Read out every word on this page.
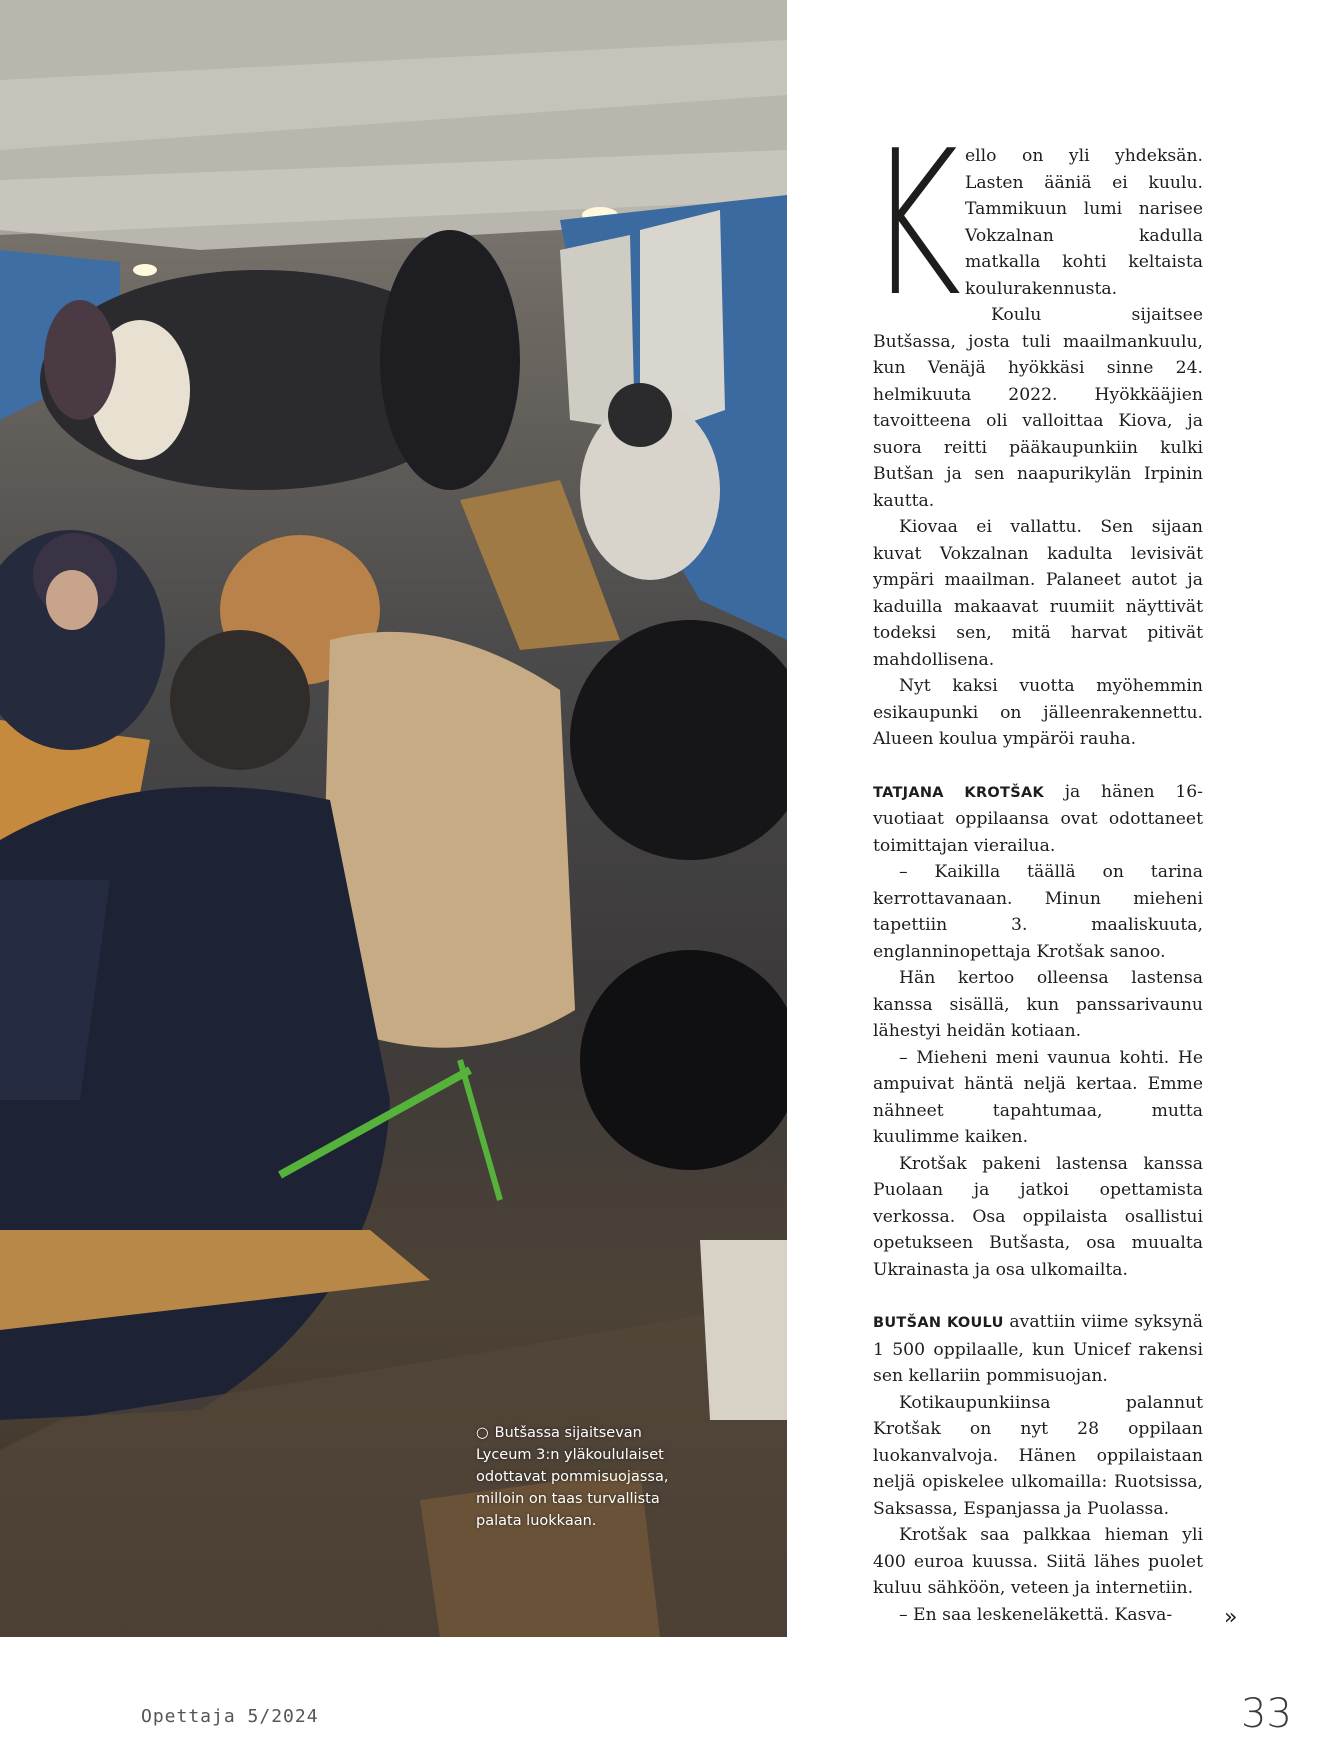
○ Butšassa sijaitsevan Lyceum 3:n yläkoululaiset odottavat pommisuojassa, milloin on taas turvallista palata luokkaan.

Kello on yli yhdeksän. Lasten ääniä ei kuulu. Tammikuun lumi narisee Vokzalnan kadulla matkalla kohti keltaista koulurakennusta.

Koulu sijaitsee Butšassa, josta tuli maailmankuulu, kun Venäjä hyökkäsi sinne 24. helmikuuta 2022. Hyökkääjien tavoitteena oli valloittaa Kiova, ja suora reitti pääkaupunkiin kulki Butšan ja sen naapurikylän Irpinin kautta.

Kiovaa ei vallattu. Sen sijaan kuvat Vokzalnan kadulta levisivät ympäri maailman. Palaneet autot ja kaduilla makaavat ruumiit näyttivät todeksi sen, mitä harvat pitivät mahdollisena.

Nyt kaksi vuotta myöhemmin esikaupunki on jälleenrakennettu. Alueen koulua ympäröi rauha.

TATJANA KROTŠAK ja hänen 16-vuotiaat oppilaansa ovat odottaneet toimittajan vierailua.

– Kaikilla täällä on tarina kerrottavanaan. Minun mieheni tapettiin 3. maaliskuuta, englanninopettaja Krotšak sanoo.

Hän kertoo olleensa lastensa kanssa sisällä, kun panssarivaunu lähestyi heidän kotiaan.

– Mieheni meni vaunua kohti. He ampuivat häntä neljä kertaa. Emme nähneet tapahtumaa, mutta kuulimme kaiken.

Krotšak pakeni lastensa kanssa Puolaan ja jatkoi opettamista verkossa. Osa oppilaista osallistui opetukseen Butšasta, osa muualta Ukrainasta ja osa ulkomailta.

BUTŠAN KOULU avattiin viime syksynä 1 500 oppilaalle, kun Unicef rakensi sen kellariin pommisuojan.

Kotikaupunkiinsa palannut Krotšak on nyt 28 oppilaan luokanvalvoja. Hänen oppilaistaan neljä opiskelee ulkomailla: Ruotsissa, Saksassa, Espanjassa ja Puolassa.

Krotšak saa palkkaa hieman yli 400 euroa kuussa. Siitä lähes puolet kuluu sähköön, veteen ja internetiin.

– En saa leskeneläkettä. Kasva-	»
Opettaja 5/2024	33
